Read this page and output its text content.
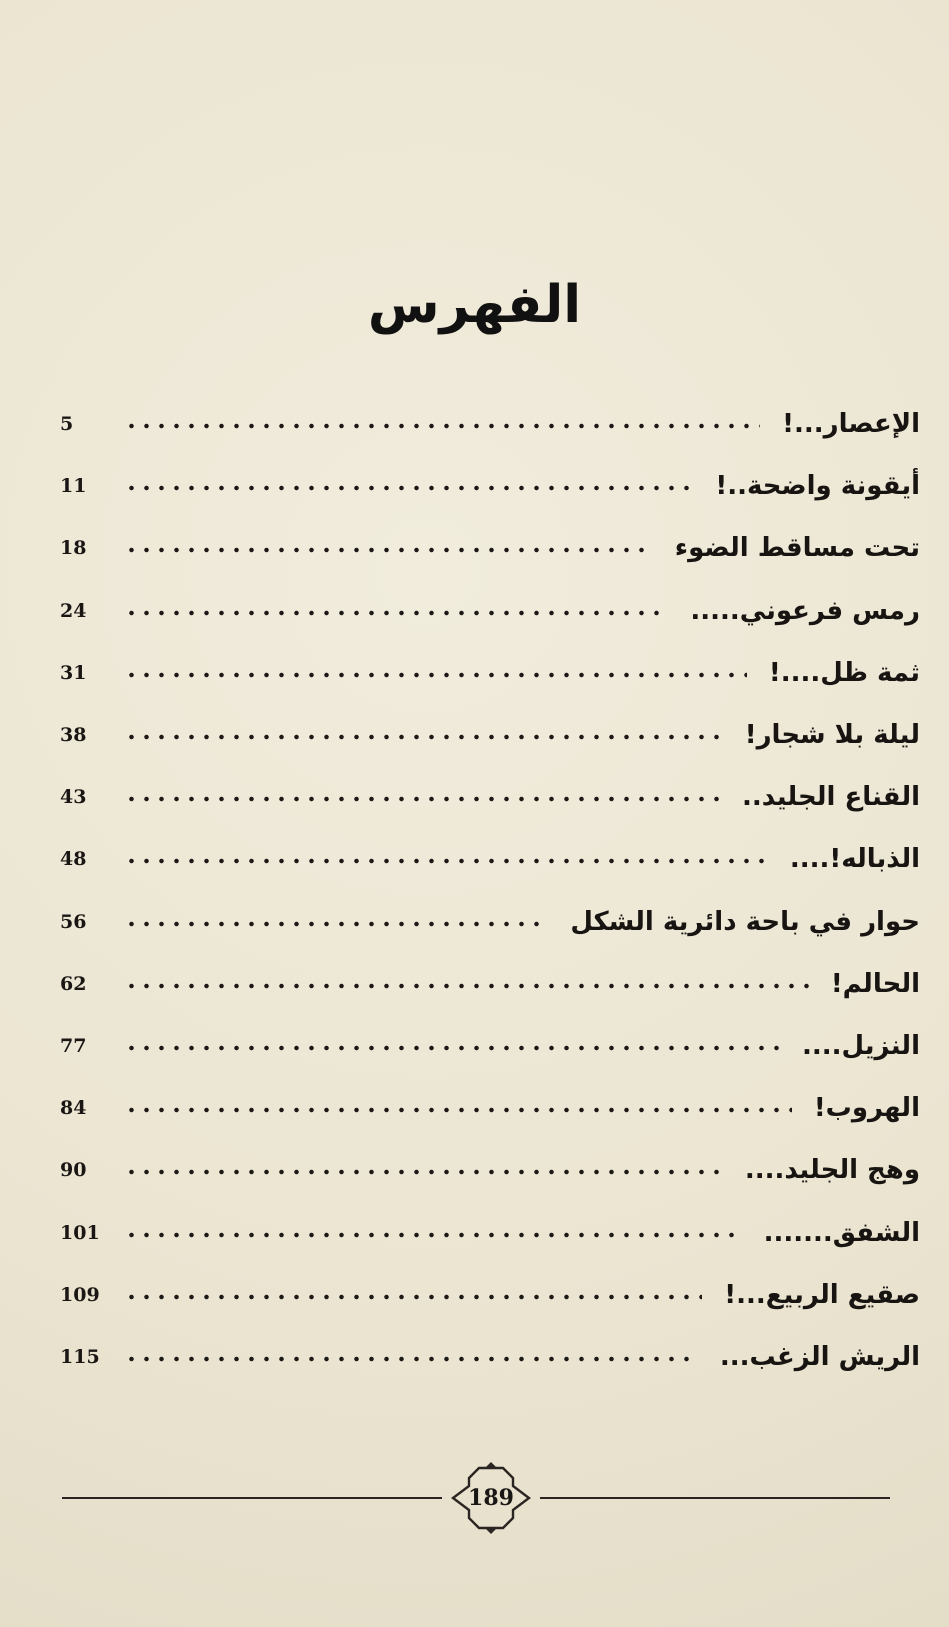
الفهرس
الإعصار...!
5
أيقونة واضحة..!
11
تحت مساقط الضوء
18
رمس فرعوني.....
24
ثمة ظل....!
31
ليلة بلا شجار!
38
القناع الجليد..
43
الذباله!....
48
حوار في باحة دائرية الشكل
56
الحالم!
62
النزيل....
77
الهروب!
84
وهج الجليد....
90
الشفق.......
101
صقيع الربيع...!
109
الريش الزغب...
115
189
